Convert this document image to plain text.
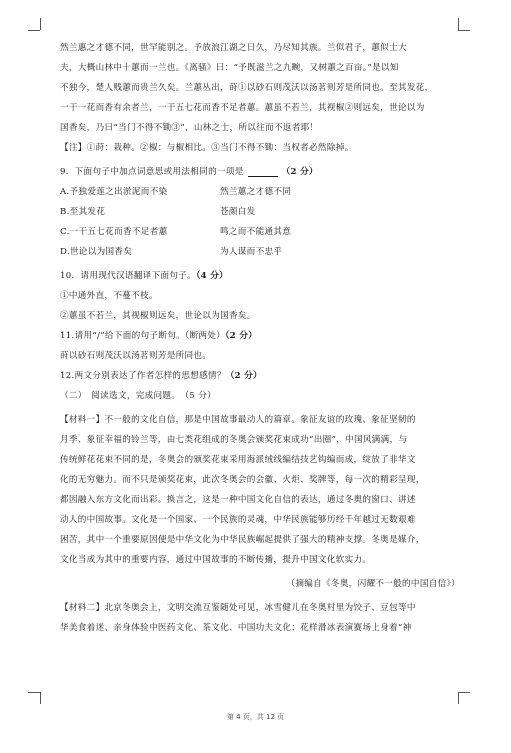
然兰惠之才德不同，世罕能别之。予放浪江湖之日久，乃尽知其族。兰似君子，蕙似士大
夫，大概山林中十蕙而一兰也。《离骚》曰：“予既滋兰之九畹，又树蕙之百亩。”是以知
不独今，楚人贱蕙而贵兰久矣。兰蕙丛出，莳①以砂石则茂沃以汤茗则芳是所同也。至其发花，
一干一花而香有余者兰，一干五七花而香不足者蕙。蕙虽不若兰，其视椒②则远矣，世论以为
国香矣，乃曰“当门不得不锄③”，山林之士，所以往而不返者耶！
【注】①莳：栽种。②椒：与椒相比。③当门不得不锄：当权者必然除掉。
9．下面句子中加点词意思或用法相同的一项是	（2 分）
A.予独爱莲之出淤泥而不染	然兰蕙之才德不同
B.至其发花	苍颜白发
C.一干五七花而香不足者蕙	鸣之而不能通其意
D.世论以为国香矣	为人谋而不忠乎
10．请用现代汉语翻译下面句子。（4 分）
①中通外直，不蔓不枝。
②蕙虽不若兰，其视椒则远矣，世论以为国香矣。
11.请用“/”给下面的句子断句。（断两处）（2 分）
莳以砂石则茂沃以汤茗则芳是所同也。
12.两文分别表达了作者怎样的思想感情？（2 分）
（二）　阅读选文，完成问题。　（5 分）
【材料一】不一般的文化自信，那是中国故事最动人的篇章。象征友谊的玫瑰、象征坚韧的
月季、象征幸福的铃兰等，由七类花组成的冬奥会颁奖花束成功“出圈”，中国风满满，与
传统鲜花花束不同的是，冬奥会的颁奖花束采用海派绒线编结技艺钩编而成，绽放了非华文
化的无穷魅力。而不只是颁奖花束，此次冬奥会的会徽、火炬、奖牌等，每一次的精彩呈现，
都因融入东方文化而出彩。换言之，这是一种中国文化自信的表达，通过冬奥的窗口、讲述
动人的中国故事。文化是一个国家、一个民族的灵魂，中华民族能够历经千年越过无数艰难
困苦，其中一个重要原因便是中华文化为中华民族崛起提供了强大的精神支撑。冬奥是媒介，
文化当成为其中的重要内容，通过中国故事的不断传播，提升中国文化软实力。
（摘编自《冬奥，闪耀不一般的中国自信》）
【材料二】北京冬奥会上，文明交流互鉴随处可见，冰雪健儿在冬奥村里为饺子、豆包等中
华美食着迷、亲身体验中医药文化、茶文化、中国功夫文化；花样滑冰表演赛场上身着“神
第 4 页，共 12 页
